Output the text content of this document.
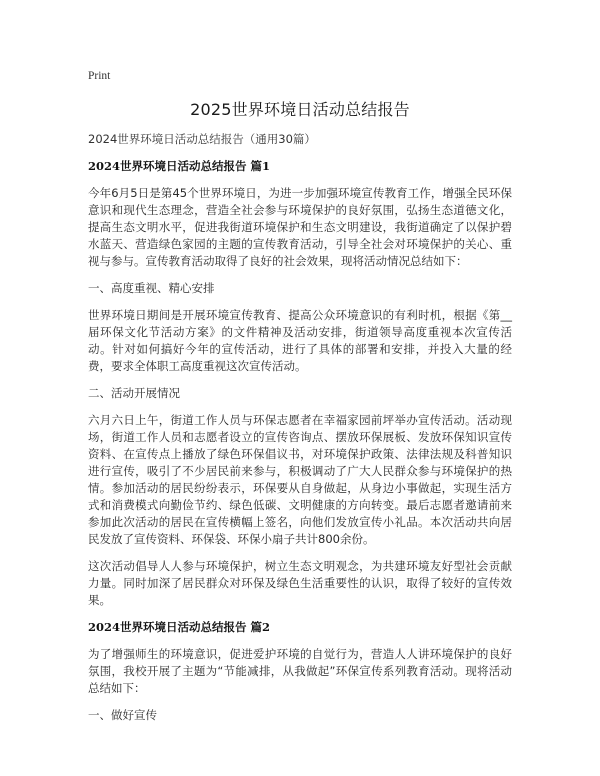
Print
2025世界环境日活动总结报告

2024世界环境日活动总结报告（通用30篇）

2024世界环境日活动总结报告 篇1

今年6月5日是第45个世界环境日，为进一步加强环境宣传教育工作，增强全民环保意识和现代生态理念，营造全社会参与环境保护的良好氛围，弘扬生态道德文化，提高生态文明水平，促进我街道环境保护和生态文明建设，我街道确定了以保护碧水蓝天、营造绿色家园的主题的宣传教育活动，引导全社会对环境保护的关心、重视与参与。宣传教育活动取得了良好的社会效果，现将活动情况总结如下：

一、高度重视、精心安排

世界环境日期间是开展环境宣传教育、提高公众环境意识的有利时机，根据《第__届环保文化节活动方案》的文件精神及活动安排，街道领导高度重视本次宣传活动。针对如何搞好今年的宣传活动，进行了具体的部署和安排，并投入大量的经费，要求全体职工高度重视这次宣传活动。

二、活动开展情况

六月六日上午，街道工作人员与环保志愿者在幸福家园前坪举办宣传活动。活动现场，街道工作人员和志愿者设立的宣传咨询点、摆放环保展板、发放环保知识宣传资料、在宣传点上播放了绿色环保倡议书，对环境保护政策、法律法规及科普知识进行宣传，吸引了不少居民前来参与，积极调动了广大人民群众参与环境保护的热情。参加活动的居民纷纷表示，环保要从自身做起，从身边小事做起，实现生活方式和消费模式向勤俭节约、绿色低碳、文明健康的方向转变。最后志愿者邀请前来参加此次活动的居民在宣传横幅上签名，向他们发放宣传小礼品。本次活动共向居民发放了宣传资料、环保袋、环保小扇子共计800余份。

这次活动倡导人人参与环境保护，树立生态文明观念，为共建环境友好型社会贡献力量。同时加深了居民群众对环保及绿色生活重要性的认识，取得了较好的宣传效果。

2024世界环境日活动总结报告 篇2

为了增强师生的环境意识，促进爱护环境的自觉行为，营造人人讲环境保护的良好氛围，我校开展了主题为“节能减排，从我做起”环保宣传系列教育活动。现将活动总结如下：

一、做好宣传
